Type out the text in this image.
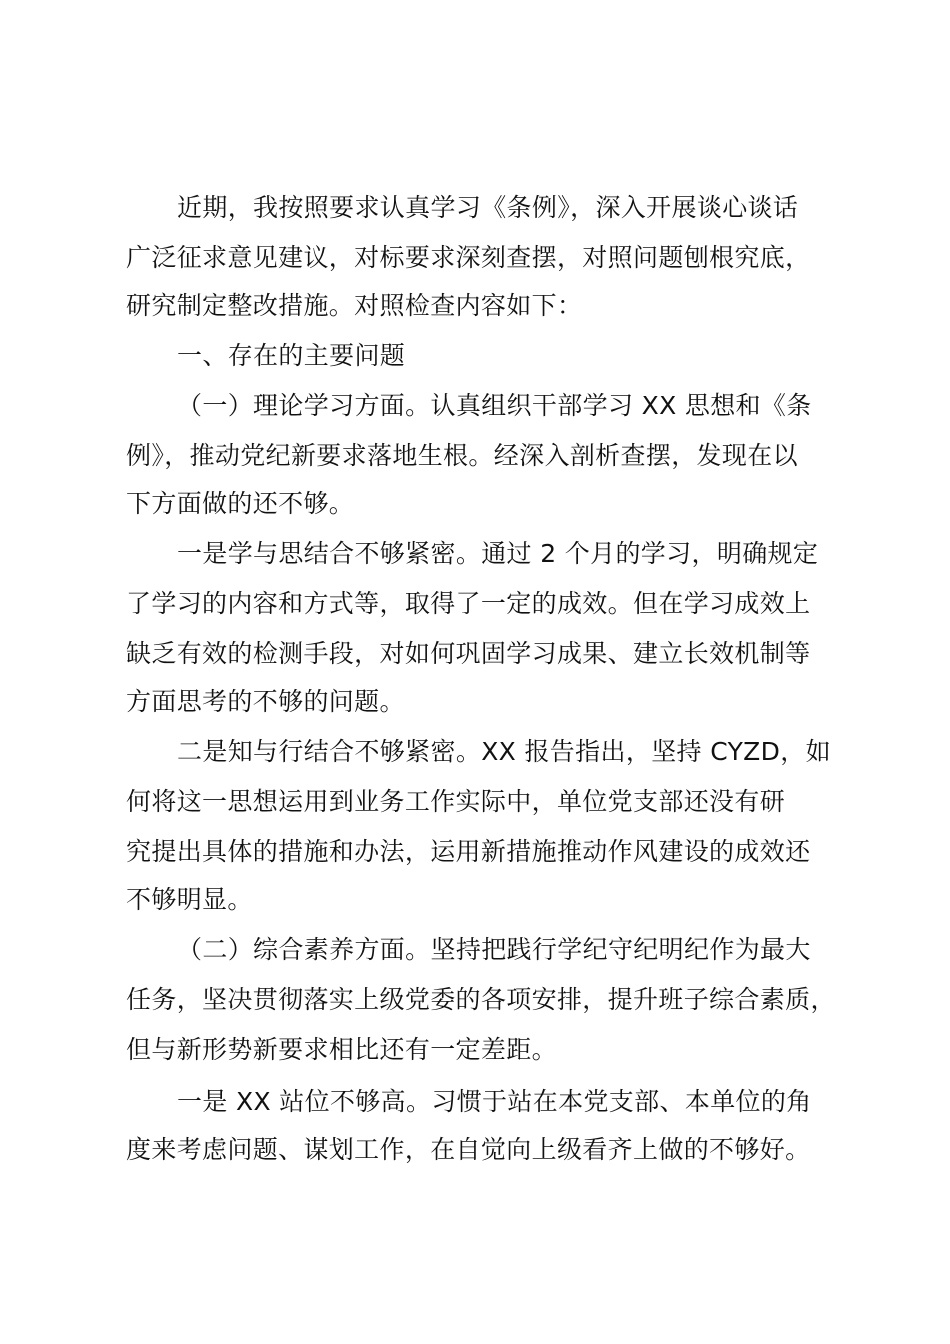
近期，我按照要求认真学习《条例》，深入开展谈心谈话
广泛征求意见建议，对标要求深刻查摆，对照问题刨根究底，
研究制定整改措施。对照检查内容如下：
一、存在的主要问题
（一）理论学习方面。认真组织干部学习 XX 思想和《条
例》，推动党纪新要求落地生根。经深入剖析查摆，发现在以
下方面做的还不够。
一是学与思结合不够紧密。通过 2 个月的学习，明确规定
了学习的内容和方式等，取得了一定的成效。但在学习成效上
缺乏有效的检测手段，对如何巩固学习成果、建立长效机制等
方面思考的不够的问题。
二是知与行结合不够紧密。XX 报告指出，坚持 CYZD，如
何将这一思想运用到业务工作实际中，单位党支部还没有研
究提出具体的措施和办法，运用新措施推动作风建设的成效还
不够明显。
（二）综合素养方面。坚持把践行学纪守纪明纪作为最大
任务，坚决贯彻落实上级党委的各项安排，提升班子综合素质，
但与新形势新要求相比还有一定差距。
一是 XX 站位不够高。习惯于站在本党支部、本单位的角
度来考虑问题、谋划工作，在自觉向上级看齐上做的不够好。
